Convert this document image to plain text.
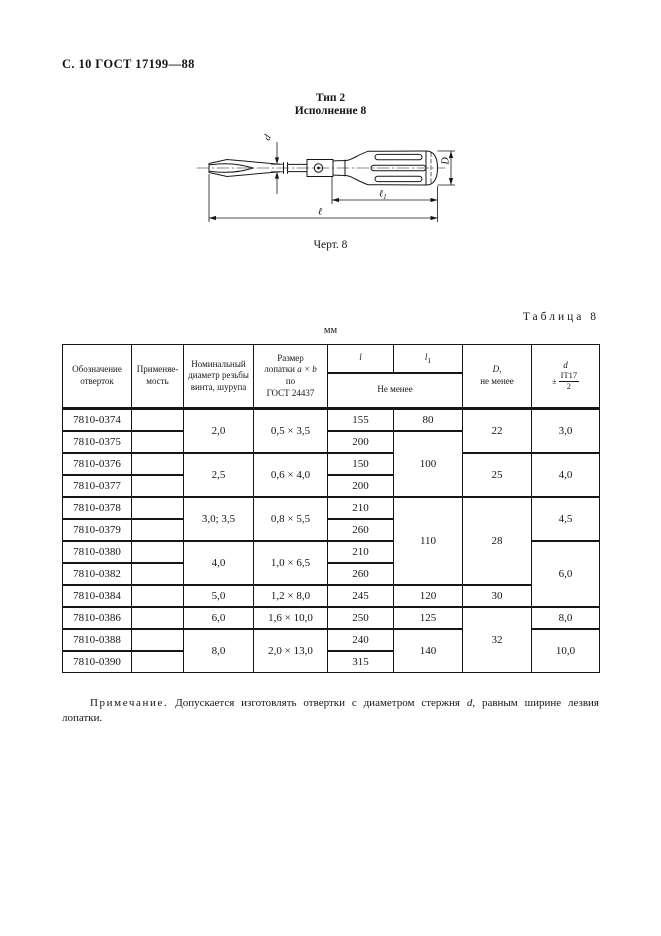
С. 10 ГОСТ 17199—88
Тип 2
Исполнение 8
d
D
ℓ$_1$
ℓ
Черт. 8
Таблица 8
мм
Обозначение отверток	Применяемость	Номинальный диаметр резьбы винта, шурупа	Размер
лопатки a × b
по
ГОСТ 24437	l	$l_1$	D,
не менее	d
± $\frac{IT17}{2}$

				Не менее			
7810-0374		2,0	0,5 × 3,5	155	80	22	3,0
7810-0375				200	100		
7810-0376		2,5	0,6 × 4,0	150		25	4,0
7810-0377				200			
7810-0378		3,0; 3,5	0,8 × 5,5	210	110	28	4,5
7810-0379				260			
7810-0380		4,0	1,0 × 6,5	210			6,0
7810-0382				260			
7810-0384		5,0	1,2 × 8,0	245	120	30	
7810-0386		6,0	1,6 × 10,0	250	125	32	8,0
7810-0388		8,0	2,0 × 13,0	240	140		10,0
7810-0390				315			
Примечание. Допускается изготовлять отвертки с диаметром стержня d, равным ширине лезвия лопатки.
